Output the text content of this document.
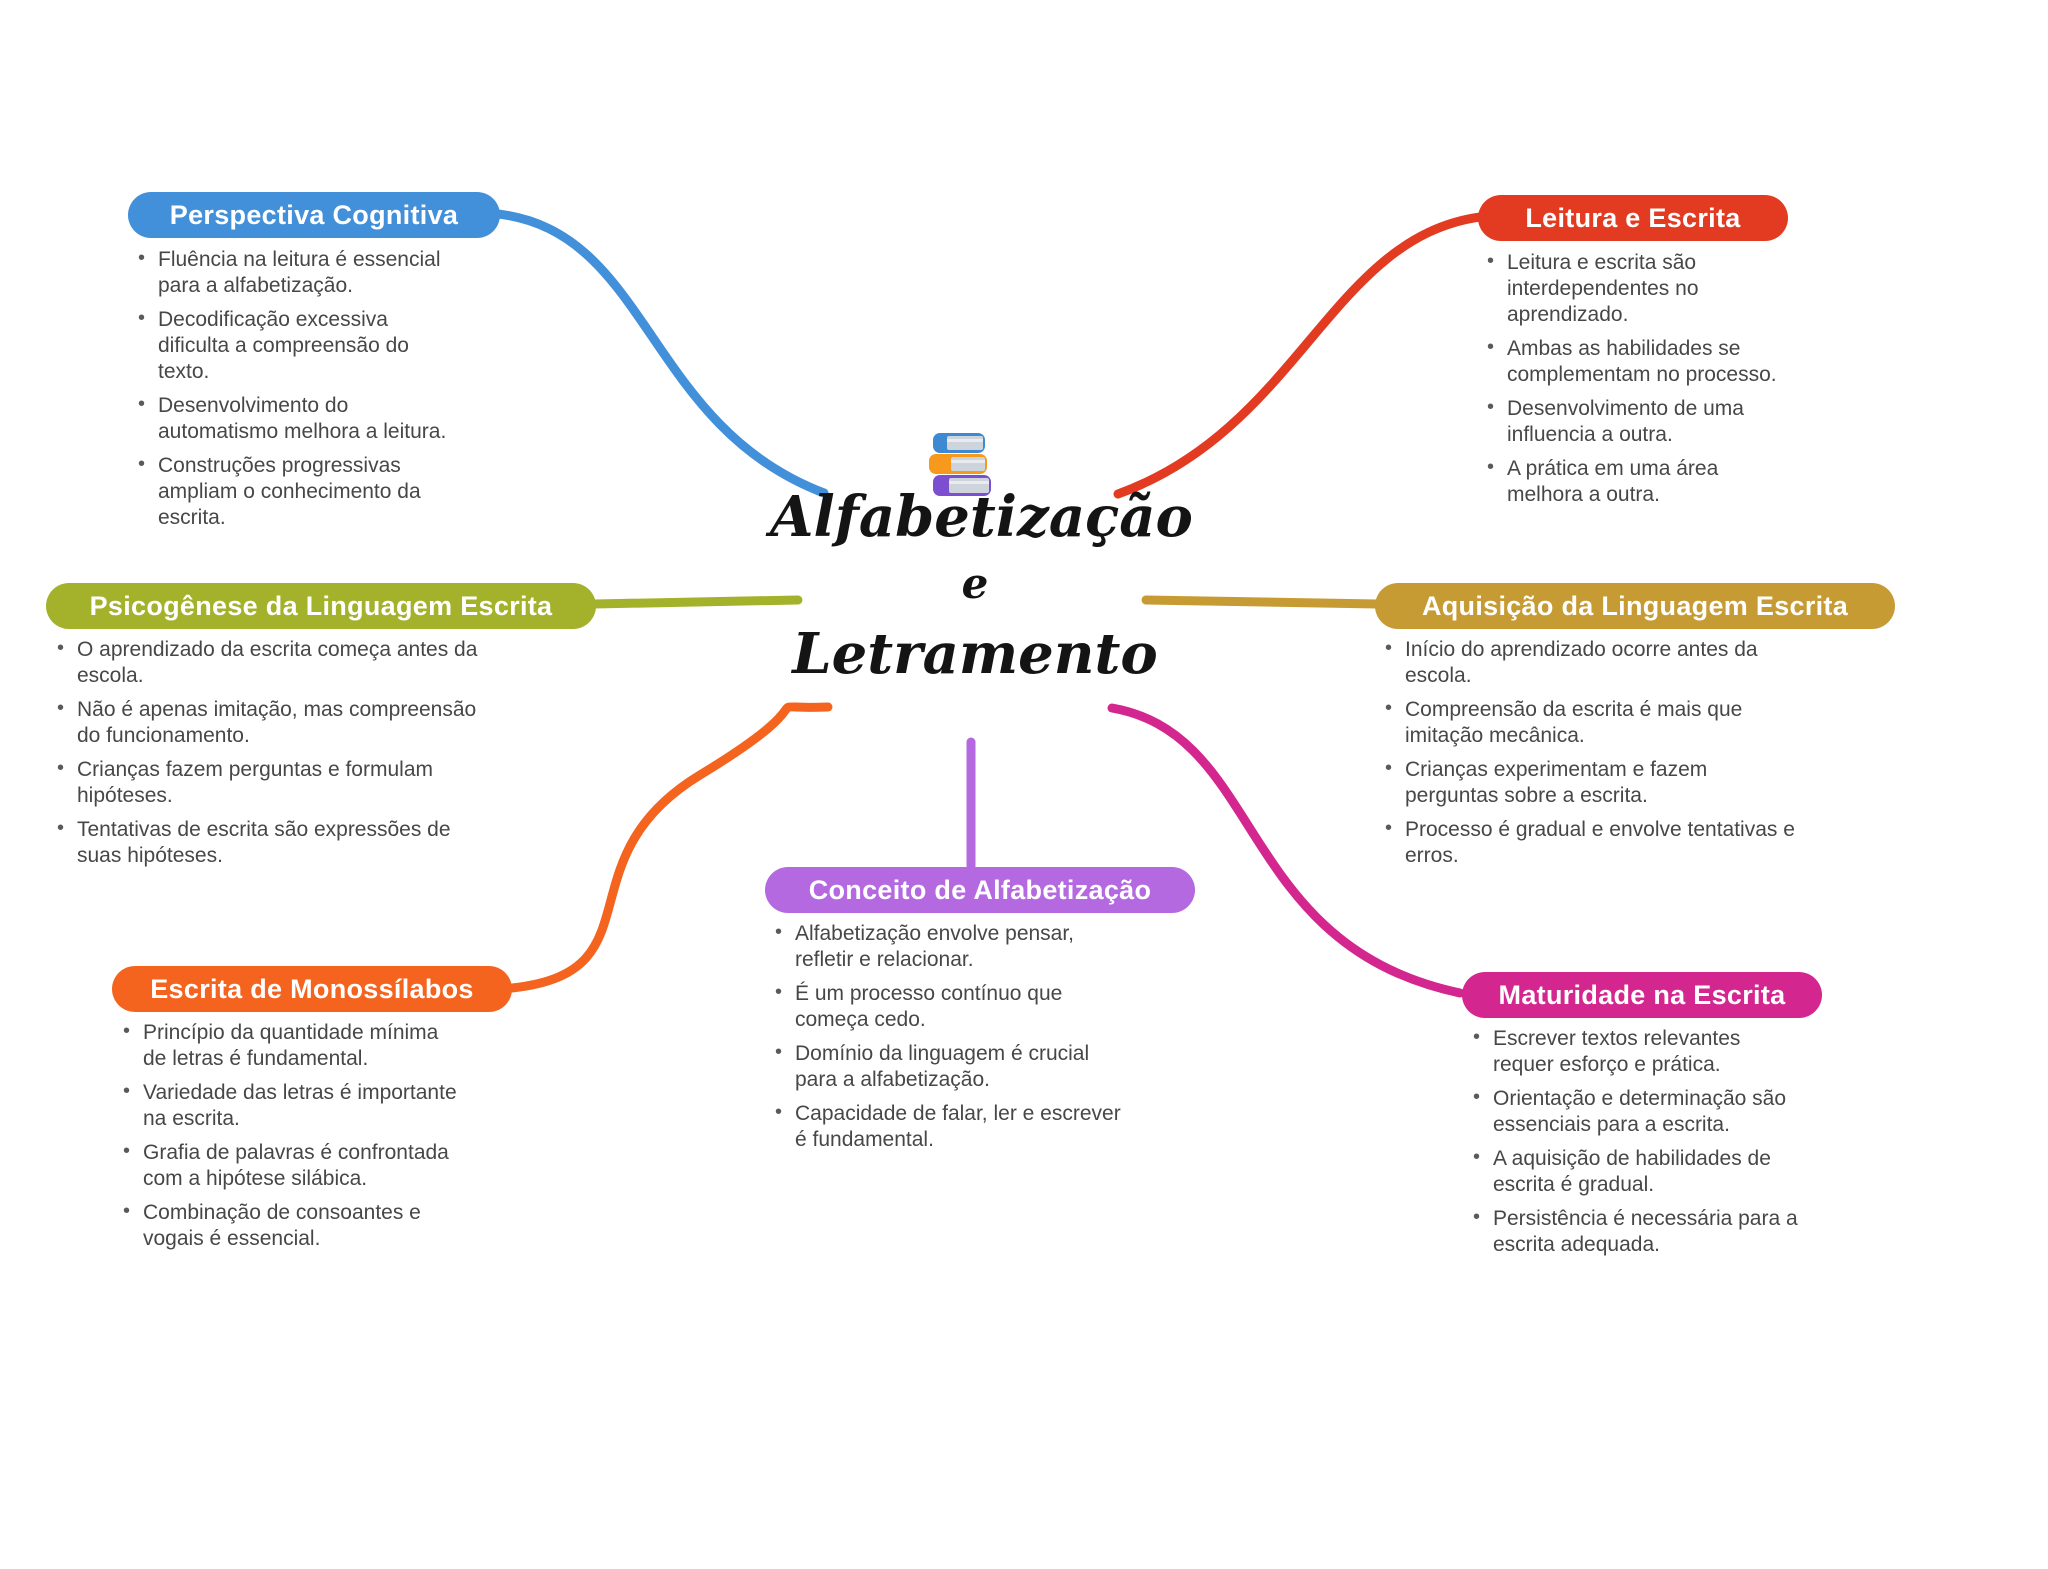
Alfabetização
e
Letramento
Perspectiva Cognitiva
• Fluência na leitura é essencial para a alfabetização.
• Decodificação excessiva dificulta a compreensão do texto.
• Desenvolvimento do automatismo melhora a leitura.
• Construções progressivas ampliam o conhecimento da escrita.
Leitura e Escrita
• Leitura e escrita são interdependentes no aprendizado.
• Ambas as habilidades se complementam no processo.
• Desenvolvimento de uma influencia a outra.
• A prática em uma área melhora a outra.
Psicogênese da Linguagem Escrita
• O aprendizado da escrita começa antes da escola.
• Não é apenas imitação, mas compreensão do funcionamento.
• Crianças fazem perguntas e formulam hipóteses.
• Tentativas de escrita são expressões de suas hipóteses.
Aquisição da Linguagem Escrita
• Início do aprendizado ocorre antes da escola.
• Compreensão da escrita é mais que imitação mecânica.
• Crianças experimentam e fazem perguntas sobre a escrita.
• Processo é gradual e envolve tentativas e erros.
Escrita de Monossílabos
• Princípio da quantidade mínima de letras é fundamental.
• Variedade das letras é importante na escrita.
• Grafia de palavras é confrontada com a hipótese silábica.
• Combinação de consoantes e vogais é essencial.
Conceito de Alfabetização
• Alfabetização envolve pensar, refletir e relacionar.
• É um processo contínuo que começa cedo.
• Domínio da linguagem é crucial para a alfabetização.
• Capacidade de falar, ler e escrever é fundamental.
Maturidade na Escrita
• Escrever textos relevantes requer esforço e prática.
• Orientação e determinação são essenciais para a escrita.
• A aquisição de habilidades de escrita é gradual.
• Persistência é necessária para a escrita adequada.
